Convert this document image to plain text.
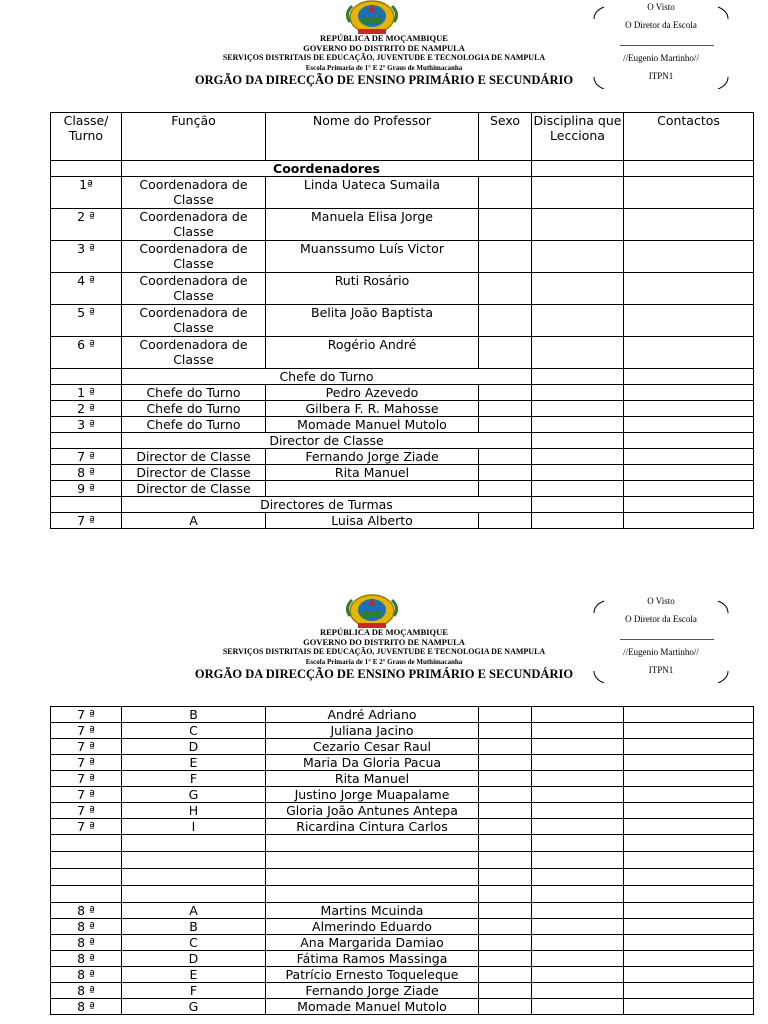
REPÚBLICA DE MOÇAMBIQUE
GOVERNO DO DISTRITO DE NAMPULA
SERVIÇOS DISTRITAIS DE EDUCAÇÃO, JUVENTUDE E TECNOLOGIA DE NAMPULA
Escola Primaria de 1° E 2° Graus de Muthimacanha
ORGÃO DA DIRECÇÃO DE ENSINO PRIMÁRIO E SECUNDÁRIO
O Visto
O Diretor da Escola
//Eugenio Martinho//
ITPN1
Classe/ Turno	Função	Nome do Professor	Sexo	Disciplina que Lecciona	Contactos
	Coordenadores				
1ª	Coordenadora de Classe	Linda Uateca Sumaila			
2 ª	Coordenadora de Classe	Manuela Elisa Jorge			
3 ª	Coordenadora de Classe	Muanssumo Luís Victor			
4 ª	Coordenadora de Classe	Ruti Rosário			
5 ª	Coordenadora de Classe	Belita João Baptista			
6 ª	Coordenadora de Classe	Rogério André			
	Chefe do Turno				
1 ª	Chefe do Turno	Pedro Azevedo			
2 ª	Chefe do Turno	Gilbera F. R. Mahosse			
3 ª	Chefe do Turno	Momade Manuel Mutolo			
	Director de Classe				
7 ª	Director de Classe	Fernando Jorge Ziade			
8 ª	Director de Classe	Rita Manuel			
9 ª	Director de Classe				
	Directores de Turmas				
7 ª	A	Luisa Alberto			
REPÚBLICA DE MOÇAMBIQUE
GOVERNO DO DISTRITO DE NAMPULA
SERVIÇOS DISTRITAIS DE EDUCAÇÃO, JUVENTUDE E TECNOLOGIA DE NAMPULA
Escola Primaria de 1° E 2° Graus de Muthimacanha
ORGÃO DA DIRECÇÃO DE ENSINO PRIMÁRIO E SECUNDÁRIO
O Visto
O Diretor da Escola
//Eugenio Martinho//
ITPN1
7 ª	B	André Adriano			
7 ª	C	Juliana Jacino			
7 ª	D	Cezario Cesar Raul			
7 ª	E	Maria Da Gloria Pacua			
7 ª	F	Rita Manuel			
7 ª	G	Justino Jorge Muapalame			
7 ª	H	Gloria João Antunes Antepa			
7 ª	I	Ricardina Cintura Carlos			

8 ª	A	Martins Mcuinda			
8 ª	B	Almerindo Eduardo			
8 ª	C	Ana Margarida Damiao			
8 ª	D	Fátima Ramos Massinga			
8 ª	E	Patrício Ernesto Toqueleque			
8 ª	F	Fernando Jorge Ziade			
8 ª	G	Momade Manuel Mutolo			
